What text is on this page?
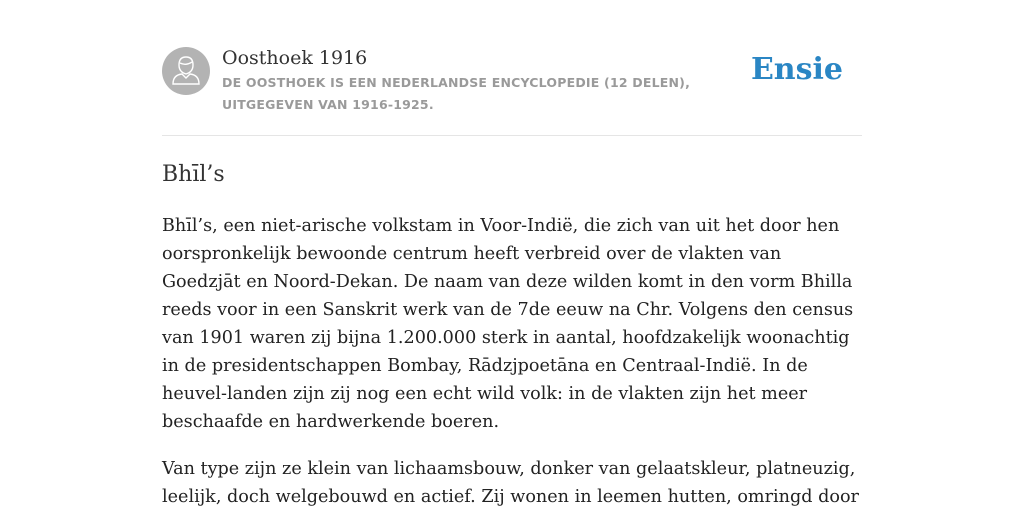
Oosthoek 1916
DE OOSTHOEK IS EEN NEDERLANDSE ENCYCLOPEDIE (12 DELEN), UITGEGEVEN VAN 1916-1925.
Ensie
Bhīl’s

Bhīl’s, een niet-arische volkstam in Voor-Indië, die zich van uit het door hen oorspronkelijk bewoonde centrum heeft verbreid over de vlakten van Goedzjāt en Noord-Dekan. De naam van deze wilden komt in den vorm Bhilla reeds voor in een Sanskrit werk van de 7de eeuw na Chr. Volgens den census van 1901 waren zij bijna 1.200.000 sterk in aantal, hoofdzakelijk woonachtig in de presidentschappen Bombay, Rādzjpoetāna en Centraal-Indië. In de heuvel-landen zijn zij nog een echt wild volk: in de vlakten zijn het meer beschaafde en hardwerkende boeren.

Van type zijn ze klein van lichaamsbouw, donker van gelaatskleur, platneuzig, leelijk, doch welgebouwd en actief. Zij wonen in leemen hutten, omringd door
